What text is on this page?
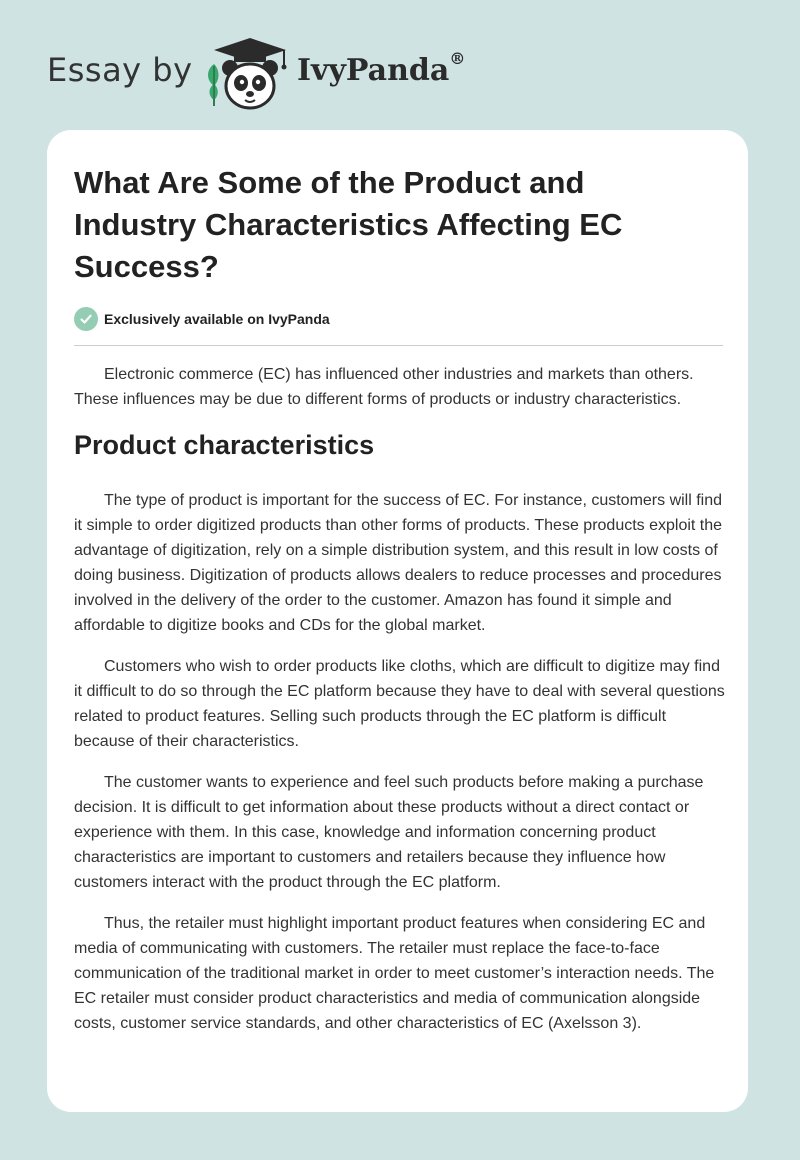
Essay by	IvyPanda®
What Are Some of the Product and Industry Characteristics Affecting EC Success?
Exclusively available on IvyPanda

Electronic commerce (EC) has influenced other industries and markets than others. These influences may be due to different forms of products or industry characteristics.

Product characteristics

The type of product is important for the success of EC. For instance, customers will find it simple to order digitized products than other forms of products. These products exploit the advantage of digitization, rely on a simple distribution system, and this result in low costs of doing business. Digitization of products allows dealers to reduce processes and procedures involved in the delivery of the order to the customer. Amazon has found it simple and affordable to digitize books and CDs for the global market.

Customers who wish to order products like cloths, which are difficult to digitize may find it difficult to do so through the EC platform because they have to deal with several questions related to product features. Selling such products through the EC platform is difficult because of their characteristics.

The customer wants to experience and feel such products before making a purchase decision. It is difficult to get information about these products without a direct contact or experience with them. In this case, knowledge and information concerning product characteristics are important to customers and retailers because they influence how customers interact with the product through the EC platform.

Thus, the retailer must highlight important product features when considering EC and media of communicating with customers. The retailer must replace the face-to-face communication of the traditional market in order to meet customer’s interaction needs. The EC retailer must consider product characteristics and media of communication alongside costs, customer service standards, and other characteristics of EC (Axelsson 3).
